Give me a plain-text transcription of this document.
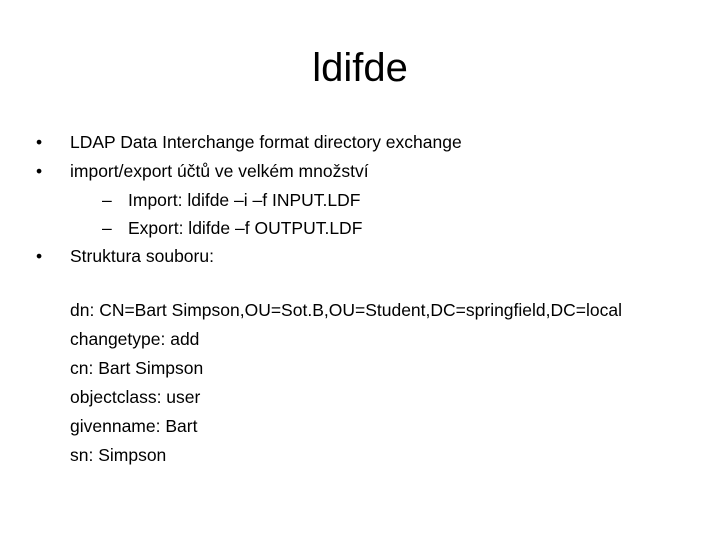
ldifde
•	LDAP Data Interchange format directory exchange
•	import/export účtů ve velkém množství
– Import: ldifde –i –f INPUT.LDF
– Export: ldifde –f OUTPUT.LDF
•	Struktura souboru:
dn: CN=Bart Simpson,OU=Sot.B,OU=Student,DC=springfield,DC=local
changetype: add
cn: Bart Simpson
objectclass: user
givenname: Bart
sn: Simpson
